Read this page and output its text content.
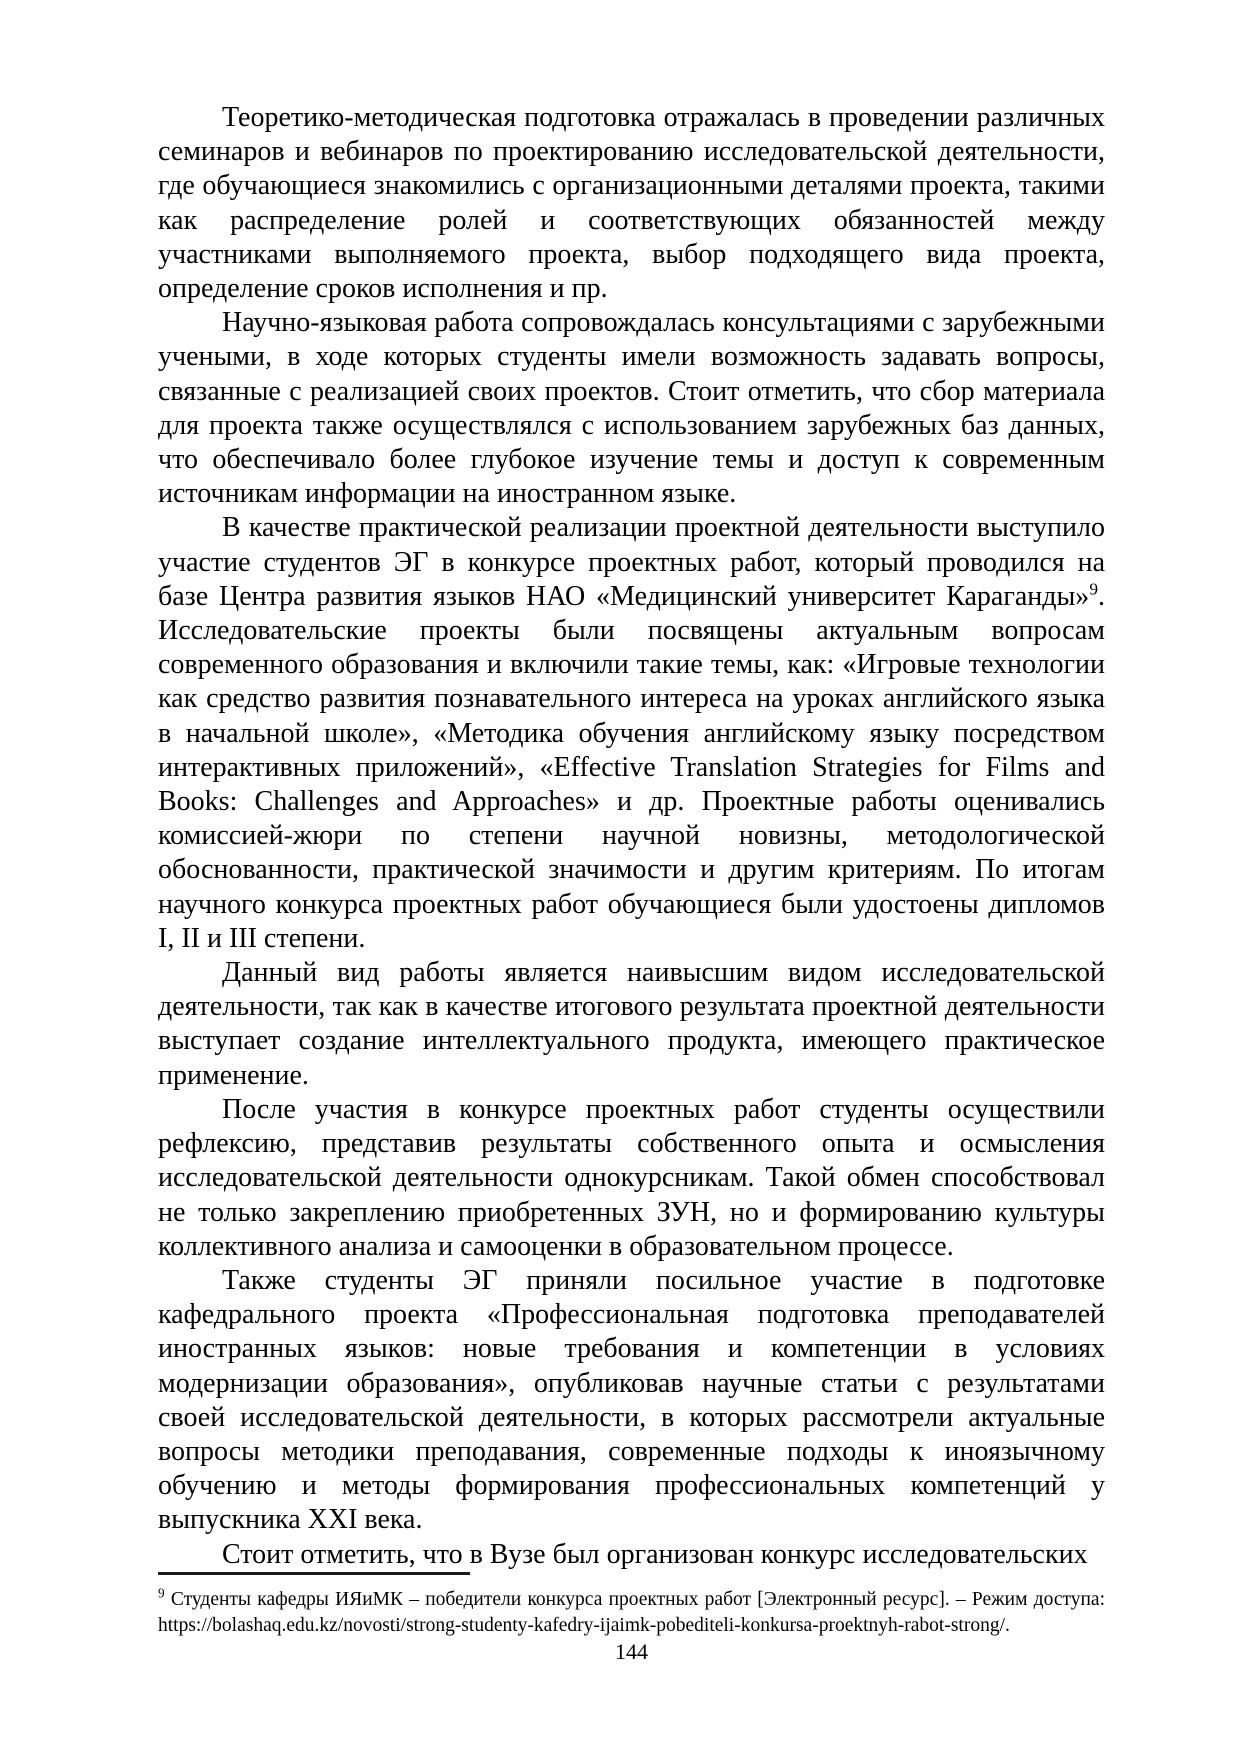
Теоретико-методическая подготовка отражалась в проведении различных семинаров и вебинаров по проектированию исследовательской деятельности, где обучающиеся знакомились с организационными деталями проекта, такими как распределение ролей и соответствующих обязанностей между участниками выполняемого проекта, выбор подходящего вида проекта, определение сроков исполнения и пр.

Научно-языковая работа сопровождалась консультациями с зарубежными учеными, в ходе которых студенты имели возможность задавать вопросы, связанные с реализацией своих проектов. Стоит отметить, что сбор материала для проекта также осуществлялся с использованием зарубежных баз данных, что обеспечивало более глубокое изучение темы и доступ к современным источникам информации на иностранном языке.

В качестве практической реализации проектной деятельности выступило участие студентов ЭГ в конкурсе проектных работ, который проводился на базе Центра развития языков НАО «Медицинский университет Караганды»$^9$. Исследовательские проекты были посвящены актуальным вопросам современного образования и включили такие темы, как: «Игровые технологии как средство развития познавательного интереса на уроках английского языка в начальной школе», «Методика обучения английскому языку посредством интерактивных приложений», «Effective Translation Strategies for Films and Books: Challenges and Approaches» и др. Проектные работы оценивались комиссией-жюри по степени научной новизны, методологической обоснованности, практической значимости и другим критериям. По итогам научного конкурса проектных работ обучающиеся были удостоены дипломов I, II и III степени.

Данный вид работы является наивысшим видом исследовательской деятельности, так как в качестве итогового результата проектной деятельности выступает создание интеллектуального продукта, имеющего практическое применение.

После участия в конкурсе проектных работ студенты осуществили рефлексию, представив результаты собственного опыта и осмысления исследовательской деятельности однокурсникам. Такой обмен способствовал не только закреплению приобретенных ЗУН, но и формированию культуры коллективного анализа и самооценки в образовательном процессе.

Также студенты ЭГ приняли посильное участие в подготовке кафедрального проекта «Профессиональная подготовка преподавателей иностранных языков: новые требования и компетенции в условиях модернизации образования», опубликовав научные статьи с результатами своей исследовательской деятельности, в которых рассмотрели актуальные вопросы методики преподавания, современные подходы к иноязычному обучению и методы формирования профессиональных компетенций у выпускника XXI века.

Стоит отметить, что в Вузе был организован конкурс исследовательских

$^9$ Студенты кафедры ИЯиМК – победители конкурса проектных работ [Электронный ресурс]. – Режим доступа: https://bolashaq.edu.kz/novosti/strong-studenty-kafedry-ijaimk-pobediteli-konkursa-proektnyh-rabot-strong/.
144
